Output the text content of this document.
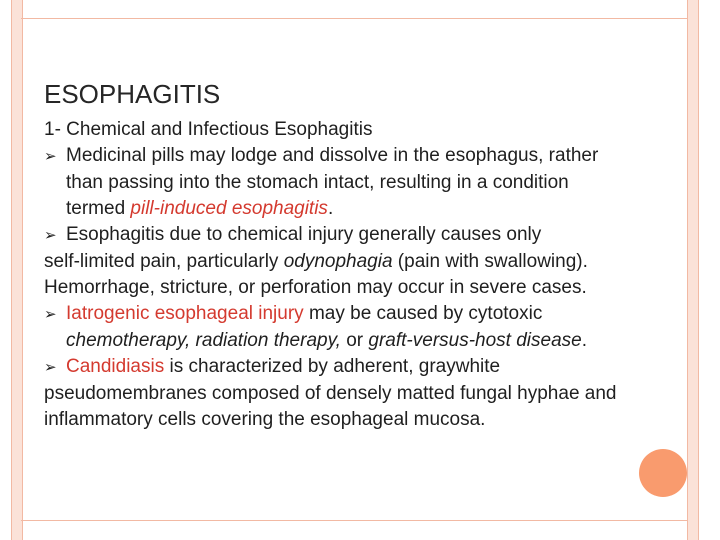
ESOPHAGITIS
1- Chemical and Infectious Esophagitis
➢ Medicinal pills may lodge and dissolve in the esophagus, rather
than passing into the stomach intact, resulting in a condition
termed pill-induced esophagitis.
➢ Esophagitis due to chemical injury generally causes only
self-limited pain, particularly odynophagia (pain with swallowing).
Hemorrhage, stricture, or perforation may occur in severe cases.
➢ Iatrogenic esophageal injury may be caused by cytotoxic
chemotherapy, radiation therapy, or graft-versus-host disease.
➢ Candidiasis is characterized by adherent, graywhite
pseudomembranes composed of densely matted fungal hyphae and
inflammatory cells covering the esophageal mucosa.
